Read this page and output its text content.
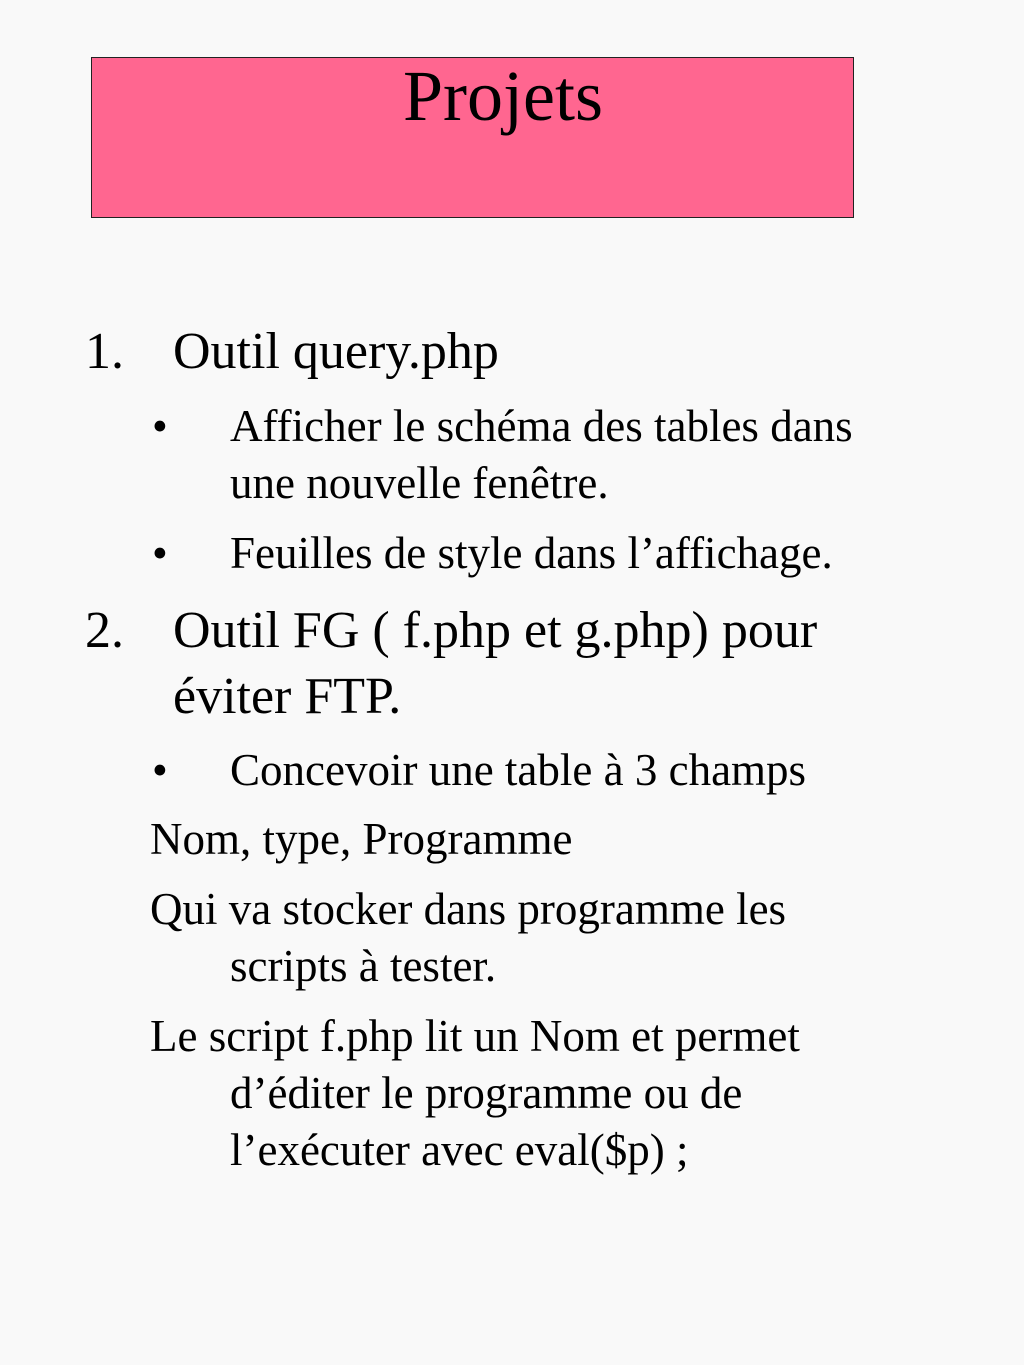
Projets
1. Outil query.php
• Afficher le schéma des tables dans
une nouvelle fenêtre.
• Feuilles de style dans l’affichage.
2. Outil FG ( f.php et g.php) pour
éviter FTP.
• Concevoir une table à 3 champs
Nom, type, Programme
Qui va stocker dans programme les
scripts à tester.
Le script f.php lit un Nom et permet
d’éditer le programme ou de
l’exécuter avec eval($p) ;
